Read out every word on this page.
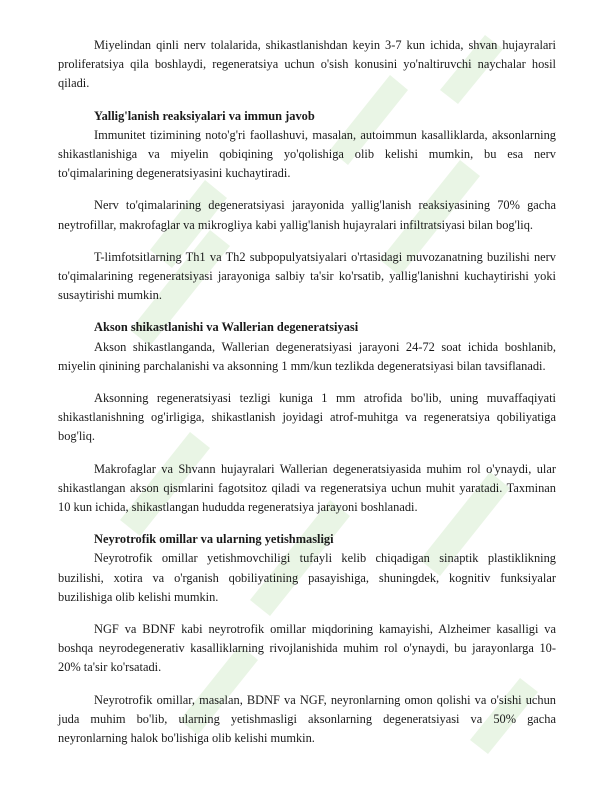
Miyelindan qinli nerv tolalarida, shikastlanishdan keyin 3-7 kun ichida, shvan hujayralari proliferatsiya qila boshlaydi, regeneratsiya uchun o'sish konusini yo'naltiruvchi naychalar hosil qiladi.

Yallig'lanish reaksiyalari va immun javob

Immunitet tizimining noto'g'ri faollashuvi, masalan, autoimmun kasalliklarda, aksonlarning shikastlanishiga va miyelin qobiqining yo'qolishiga olib kelishi mumkin, bu esa nerv to'qimalarining degeneratsiyasini kuchaytiradi.

Nerv to'qimalarining degeneratsiyasi jarayonida yallig'lanish reaksiyasining 70% gacha neytrofillar, makrofaglar va mikrogliya kabi yallig'lanish hujayralari infiltratsiyasi bilan bog'liq.

T-limfotsitlarning Th1 va Th2 subpopulyatsiyalari o'rtasidagi muvozanatning buzilishi nerv to'qimalarining regeneratsiyasi jarayoniga salbiy ta'sir ko'rsatib, yallig'lanishni kuchaytirishi yoki susaytirishi mumkin.

Akson shikastlanishi va Wallerian degeneratsiyasi

Akson shikastlanganda, Wallerian degeneratsiyasi jarayoni 24-72 soat ichida boshlanib, miyelin qinining parchalanishi va aksonning 1 mm/kun tezlikda degeneratsiyasi bilan tavsiflanadi.

Aksonning regeneratsiyasi tezligi kuniga 1 mm atrofida bo'lib, uning muvaffaqiyati shikastlanishning og'irligiga, shikastlanish joyidagi atrof-muhitga va regeneratsiya qobiliyatiga bog'liq.

Makrofaglar va Shvann hujayralari Wallerian degeneratsiyasida muhim rol o'ynaydi, ular shikastlangan akson qismlarini fagotsitoz qiladi va regeneratsiya uchun muhit yaratadi. Taxminan 10 kun ichida, shikastlangan hududda regeneratsiya jarayoni boshlanadi.

Neyrotrofik omillar va ularning yetishmasligi

Neyrotrofik omillar yetishmovchiligi tufayli kelib chiqadigan sinaptik plastiklikning buzilishi, xotira va o'rganish qobiliyatining pasayishiga, shuningdek, kognitiv funksiyalar buzilishiga olib kelishi mumkin.

NGF va BDNF kabi neyrotrofik omillar miqdorining kamayishi, Alzheimer kasalligi va boshqa neyrodegenerativ kasalliklarning rivojlanishida muhim rol o'ynaydi, bu jarayonlarga 10-20% ta'sir ko'rsatadi.

Neyrotrofik omillar, masalan, BDNF va NGF, neyronlarning omon qolishi va o'sishi uchun juda muhim bo'lib, ularning yetishmasligi aksonlarning degeneratsiyasi va 50% gacha neyronlarning halok bo'lishiga olib kelishi mumkin.
